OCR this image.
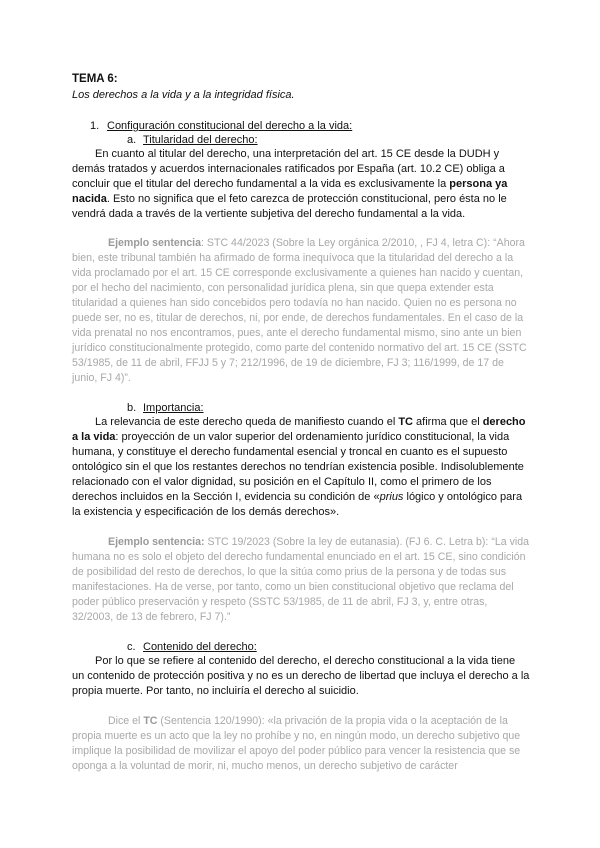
TEMA 6:
Los derechos a la vida y a la integridad física.
1. Configuración constitucional del derecho a la vida:
a. Titularidad del derecho:
En cuanto al titular del derecho, una interpretación del art. 15 CE desde la DUDH y demás tratados y acuerdos internacionales ratificados por España (art. 10.2 CE) obliga a concluir que el titular del derecho fundamental a la vida es exclusivamente la persona ya nacida. Esto no significa que el feto carezca de protección constitucional, pero ésta no le vendrá dada a través de la vertiente subjetiva del derecho fundamental a la vida.
Ejemplo sentencia: STC 44/2023 (Sobre la Ley orgánica 2/2010, , FJ 4, letra C): “Ahora bien, este tribunal también ha afirmado de forma inequívoca que la titularidad del derecho a la vida proclamado por el art. 15 CE corresponde exclusivamente a quienes han nacido y cuentan, por el hecho del nacimiento, con personalidad jurídica plena, sin que quepa extender esta titularidad a quienes han sido concebidos pero todavía no han nacido. Quien no es persona no puede ser, no es, titular de derechos, ni, por ende, de derechos fundamentales. En el caso de la vida prenatal no nos encontramos, pues, ante el derecho fundamental mismo, sino ante un bien jurídico constitucionalmente protegido, como parte del contenido normativo del art. 15 CE (SSTC 53/1985, de 11 de abril, FFJJ 5 y 7; 212/1996, de 19 de diciembre, FJ 3; 116/1999, de 17 de junio, FJ 4)”.
b. Importancia:
La relevancia de este derecho queda de manifiesto cuando el TC afirma que el derecho a la vida: proyección de un valor superior del ordenamiento jurídico constitucional, la vida humana, y constituye el derecho fundamental esencial y troncal en cuanto es el supuesto ontológico sin el que los restantes derechos no tendrían existencia posible. Indisolublemente relacionado con el valor dignidad, su posición en el Capítulo II, como el primero de los derechos incluidos en la Sección I, evidencia su condición de «prius lógico y ontológico para la existencia y especificación de los demás derechos».
Ejemplo sentencia: STC 19/2023 (Sobre la ley de eutanasia). (FJ 6. C. Letra b): “La vida humana no es solo el objeto del derecho fundamental enunciado en el art. 15 CE, sino condición de posibilidad del resto de derechos, lo que la sitúa como prius de la persona y de todas sus manifestaciones. Ha de verse, por tanto, como un bien constitucional objetivo que reclama del poder público preservación y respeto (SSTC 53/1985, de 11 de abril, FJ 3, y, entre otras, 32/2003, de 13 de febrero, FJ 7).”
c. Contenido del derecho:
Por lo que se refiere al contenido del derecho, el derecho constitucional a la vida tiene un contenido de protección positiva y no es un derecho de libertad que incluya el derecho a la propia muerte. Por tanto, no incluiría el derecho al suicidio.
Dice el TC (Sentencia 120/1990): «la privación de la propia vida o la aceptación de la propia muerte es un acto que la ley no prohíbe y no, en ningún modo, un derecho subjetivo que implique la posibilidad de movilizar el apoyo del poder público para vencer la resistencia que se oponga a la voluntad de morir, ni, mucho menos, un derecho subjetivo de carácter
